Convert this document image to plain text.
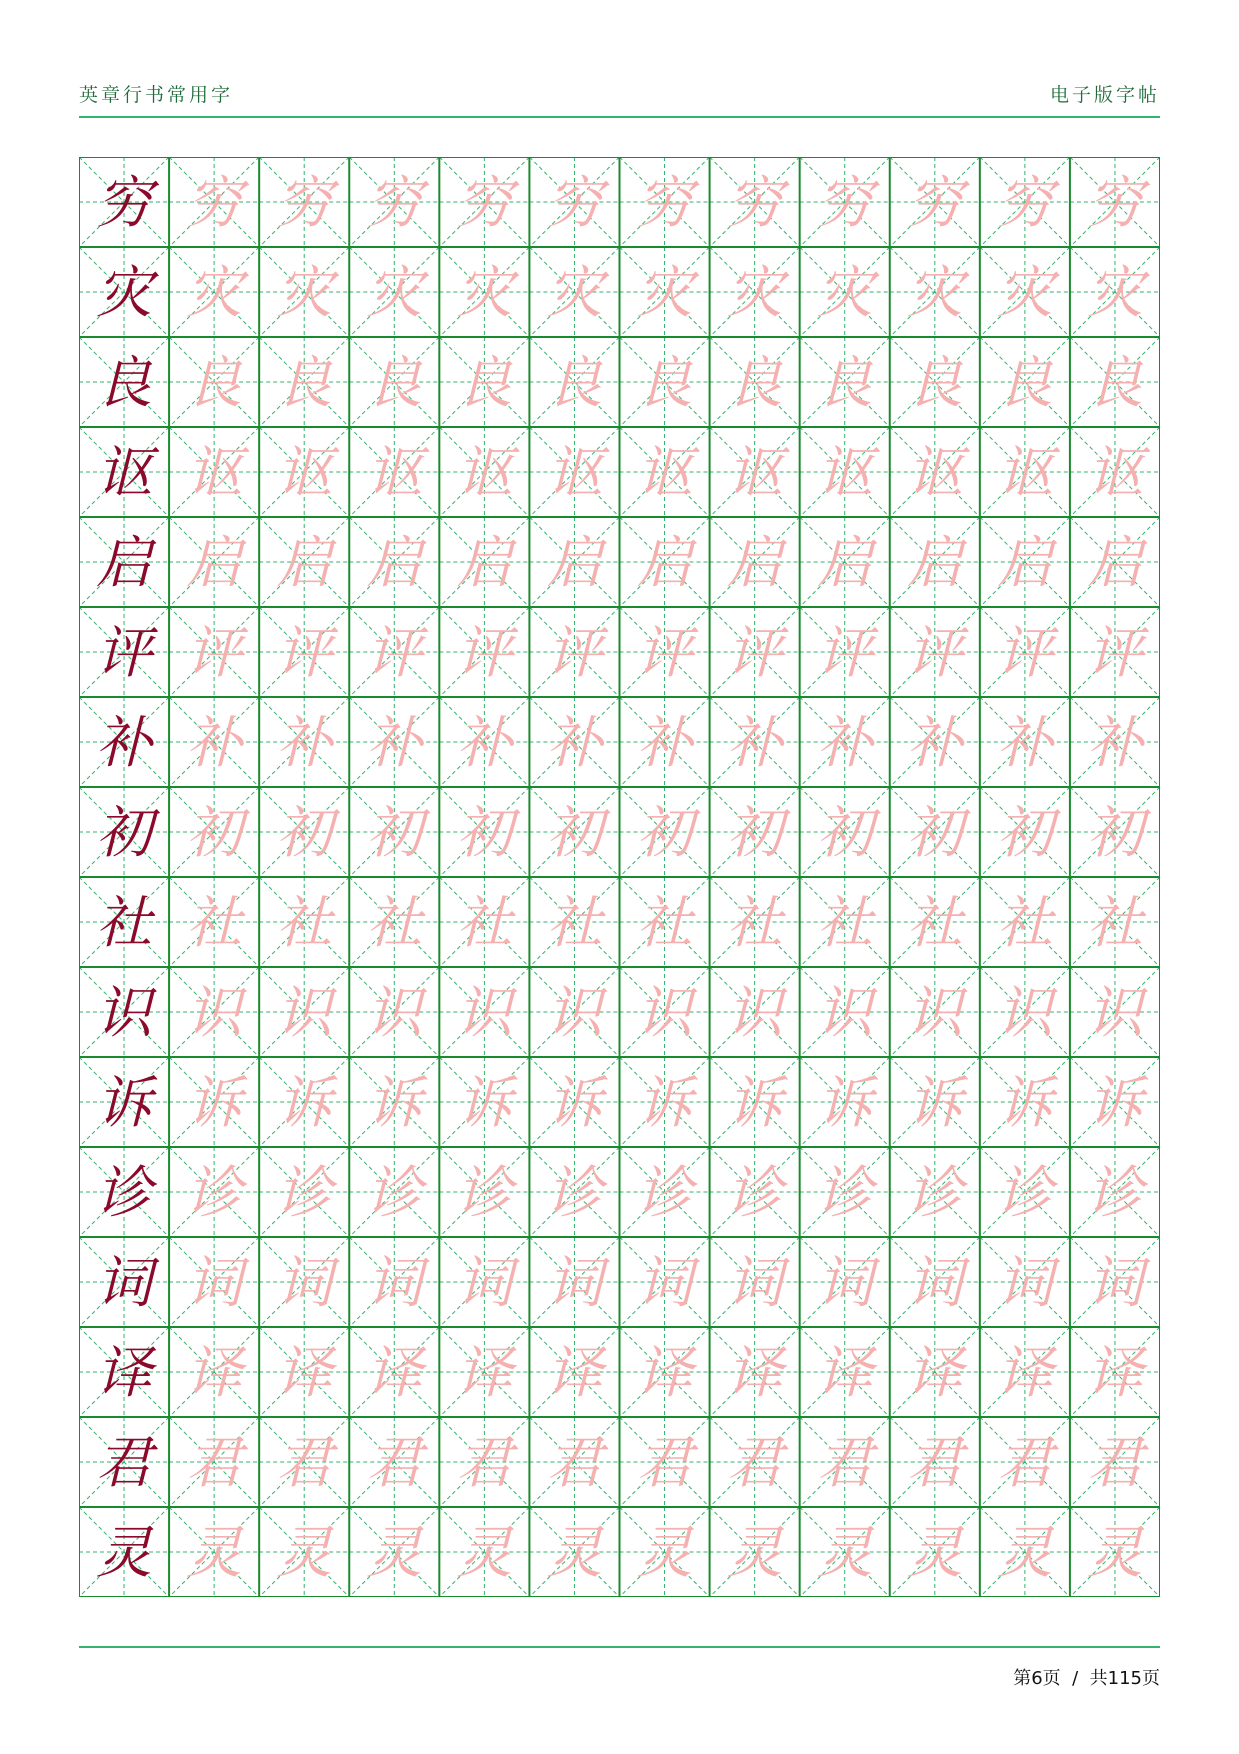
英章行书常用字	电子版字帖
穷 穷 穷 穷 穷 穷 穷 穷 穷 穷 穷 穷
灾 灾 灾 灾 灾 灾 灾 灾 灾 灾 灾 灾
良 良 良 良 良 良 良 良 良 良 良 良
讴 讴 讴 讴 讴 讴 讴 讴 讴 讴 讴 讴
启 启 启 启 启 启 启 启 启 启 启 启
评 评 评 评 评 评 评 评 评 评 评 评
补 补 补 补 补 补 补 补 补 补 补 补
初 初 初 初 初 初 初 初 初 初 初 初
社 社 社 社 社 社 社 社 社 社 社 社
识 识 识 识 识 识 识 识 识 识 识 识
诉 诉 诉 诉 诉 诉 诉 诉 诉 诉 诉 诉
诊 诊 诊 诊 诊 诊 诊 诊 诊 诊 诊 诊
词 词 词 词 词 词 词 词 词 词 词 词
译 译 译 译 译 译 译 译 译 译 译 译
君 君 君 君 君 君 君 君 君 君 君 君
灵 灵 灵 灵 灵 灵 灵 灵 灵 灵 灵 灵
第6页 / 共115页
